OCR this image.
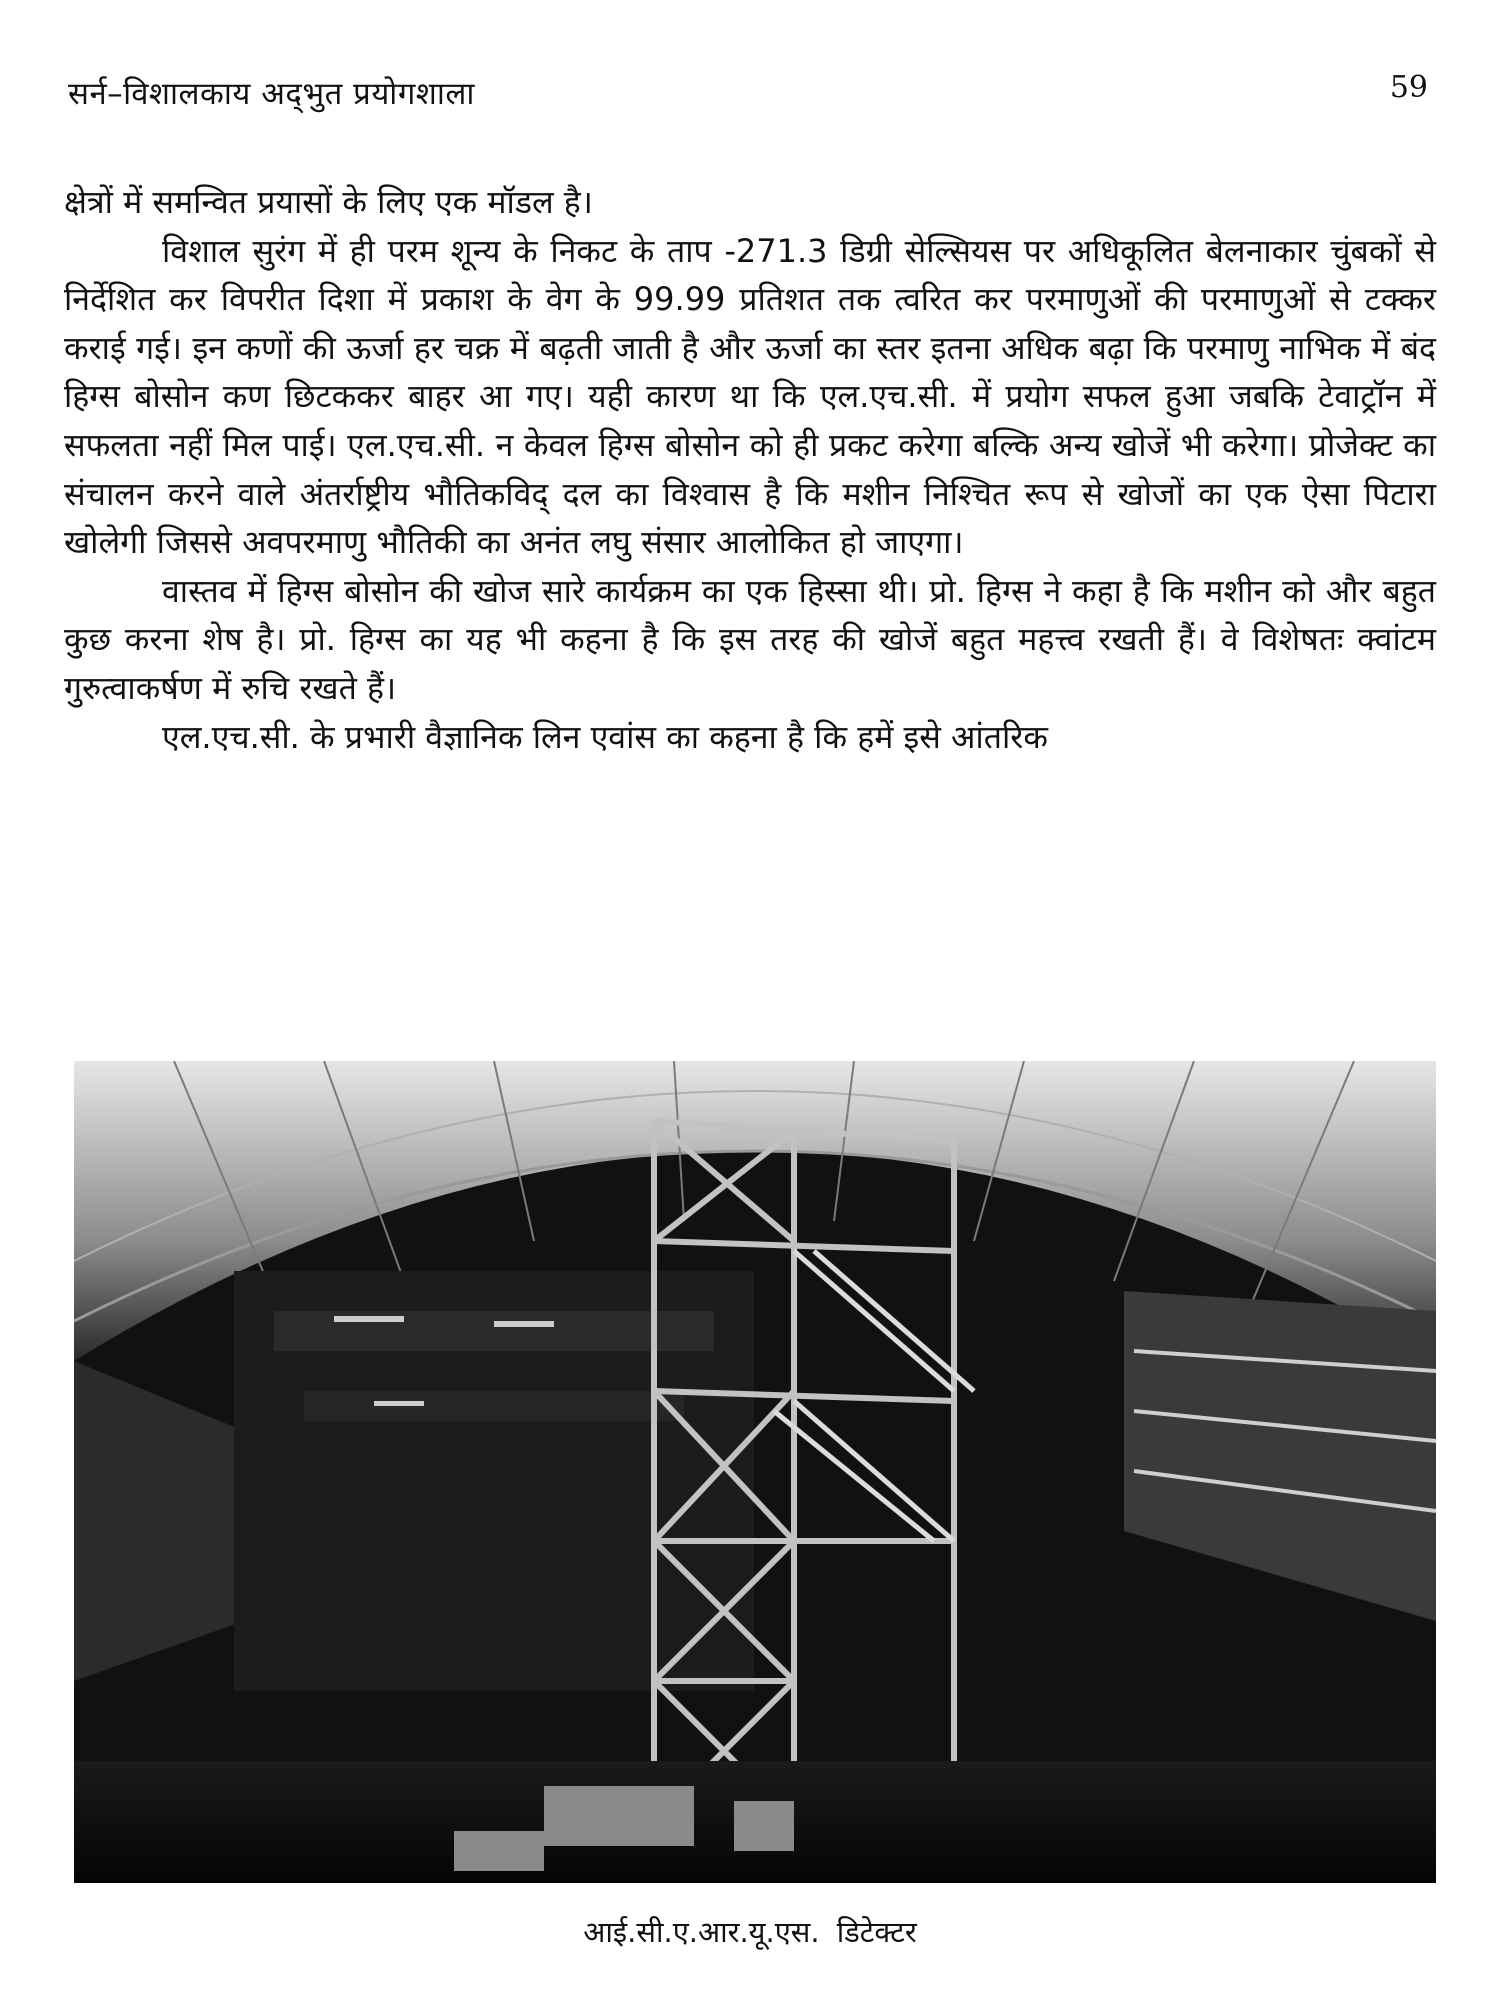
सर्न–विशालकाय अद्‌भुत प्रयोगशाला	59

क्षेत्रों में समन्वित प्रयासों के लिए एक मॉडल है।

विशाल सुरंग में ही परम शून्य के निकट के ताप -271.3 डिग्री सेल्सियस पर अधिकूलित बेलनाकार चुंबकों से निर्देशित कर विपरीत दिशा में प्रकाश के वेग के 99.99 प्रतिशत तक त्वरित कर परमाणुओं की परमाणुओं से टक्कर कराई गई। इन कणों की ऊर्जा हर चक्र में बढ़ती जाती है और ऊर्जा का स्तर इतना अधिक बढ़ा कि परमाणु नाभिक में बंद हिग्स बोसोन कण छिटककर बाहर आ गए। यही कारण था कि एल.एच.सी. में प्रयोग सफल हुआ जबकि टेवाट्रॉन में सफलता नहीं मिल पाई। एल.एच.सी. न केवल हिग्स बोसोन को ही प्रकट करेगा बल्कि अन्य खोजें भी करेगा। प्रोजेक्ट का संचालन करने वाले अंतर्राष्ट्रीय भौतिकविद् दल का विश्वास है कि मशीन निश्चित रूप से खोजों का एक ऐसा पिटारा खोलेगी जिससे अवपरमाणु भौतिकी का अनंत लघु संसार आलोकित हो जाएगा।

वास्तव में हिग्स बोसोन की खोज सारे कार्यक्रम का एक हिस्सा थी। प्रो. हिग्स ने कहा है कि मशीन को और बहुत कुछ करना शेष है। प्रो. हिग्स का यह भी कहना है कि इस तरह की खोजें बहुत महत्त्व रखती हैं। वे विशेषतः क्वांटम गुरुत्वाकर्षण में रुचि रखते हैं।

एल.एच.सी. के प्रभारी वैज्ञानिक लिन एवांस का कहना है कि हमें इसे आंतरिक

आई.सी.ए.आर.यू.एस. डिटेक्टर
